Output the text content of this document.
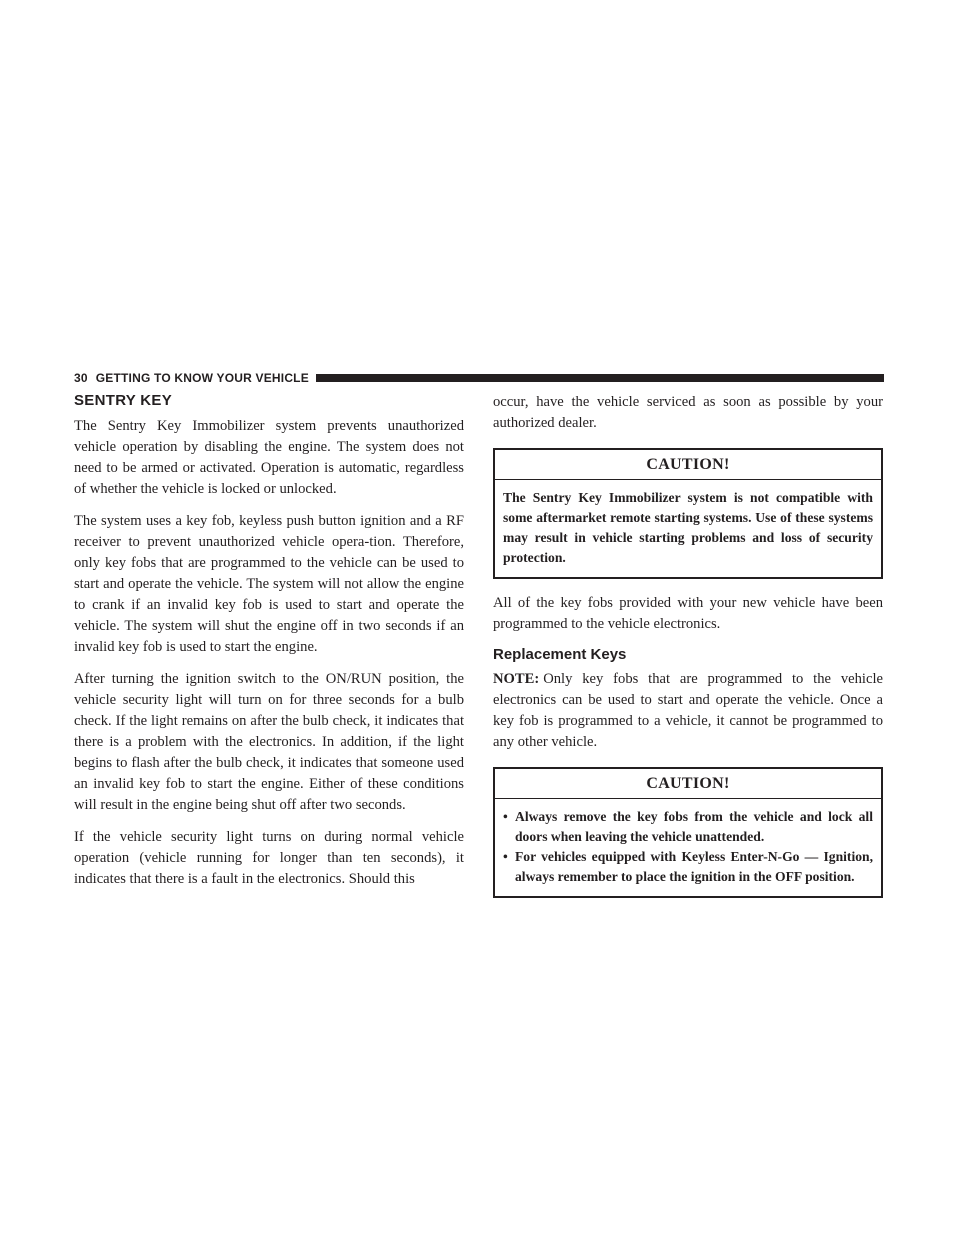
30 GETTING TO KNOW YOUR VEHICLE
SENTRY KEY

The Sentry Key Immobilizer system prevents unauthorized vehicle operation by disabling the engine. The system does not need to be armed or activated. Operation is automatic, regardless of whether the vehicle is locked or unlocked.

The system uses a key fob, keyless push button ignition and a RF receiver to prevent unauthorized vehicle opera-tion. Therefore, only key fobs that are programmed to the vehicle can be used to start and operate the vehicle. The system will not allow the engine to crank if an invalid key fob is used to start and operate the vehicle. The system will shut the engine off in two seconds if an invalid key fob is used to start the engine.

After turning the ignition switch to the ON/RUN position, the vehicle security light will turn on for three seconds for a bulb check. If the light remains on after the bulb check, it indicates that there is a problem with the electronics. In addition, if the light begins to flash after the bulb check, it indicates that someone used an invalid key fob to start the engine. Either of these conditions will result in the engine being shut off after two seconds.

If the vehicle security light turns on during normal vehicle operation (vehicle running for longer than ten seconds), it indicates that there is a fault in the electronics. Should this

occur, have the vehicle serviced as soon as possible by your authorized dealer.

CAUTION!
The Sentry Key Immobilizer system is not compatible with some aftermarket remote starting systems. Use of these systems may result in vehicle starting problems and loss of security protection.

All of the key fobs provided with your new vehicle have been programmed to the vehicle electronics.

Replacement Keys

NOTE: Only key fobs that are programmed to the vehicle electronics can be used to start and operate the vehicle. Once a key fob is programmed to a vehicle, it cannot be programmed to any other vehicle.

CAUTION!
• Always remove the key fobs from the vehicle and lock all doors when leaving the vehicle unattended.
• For vehicles equipped with Keyless Enter-N-Go — Ignition, always remember to place the ignition in the OFF position.
